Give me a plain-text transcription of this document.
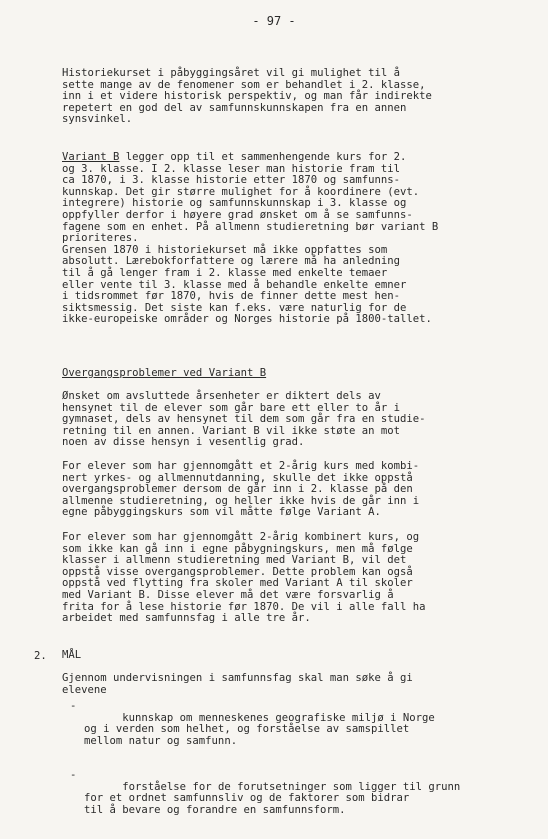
- 97 -

Historiekurset i påbyggingsåret vil gi mulighet til å
sette mange av de fenomener som er behandlet i 2. klasse,
inn i et videre historisk perspektiv, og man får indirekte
repetert en god del av samfunnskunnskapen fra en annen
synsvinkel.

Variant B legger opp til et sammenhengende kurs for 2.
og 3. klasse. I 2. klasse leser man historie fram til
ca 1870, i 3. klasse historie etter 1870 og samfunns-
kunnskap. Det gir større mulighet for å koordinere (evt.
integrere) historie og samfunnskunnskap i 3. klasse og
oppfyller derfor i høyere grad ønsket om å se samfunns-
fagene som en enhet. På allmenn studieretning bør variant B
prioriteres.
Grensen 1870 i historiekurset må ikke oppfattes som
absolutt. Lærebokforfattere og lærere må ha anledning
til å gå lenger fram i 2. klasse med enkelte temaer
eller vente til 3. klasse med å behandle enkelte emner
i tidsrommet før 1870, hvis de finner dette mest hen-
siktsmessig. Det siste kan f.eks. være naturlig for de
ikke-europeiske områder og Norges historie på 1800-tallet.

Overgangsproblemer ved Variant B

Ønsket om avsluttede årsenheter er diktert dels av
hensynet til de elever som går bare ett eller to år i
gymnaset, dels av hensynet til dem som går fra en studie-
retning til en annen. Variant B vil ikke støte an mot
noen av disse hensyn i vesentlig grad.

For elever som har gjennomgått et 2-årig kurs med kombi-
nert yrkes- og allmennutdanning, skulle det ikke oppstå
overgangsproblemer dersom de går inn i 2. klasse på den
allmenne studieretning, og heller ikke hvis de går inn i
egne påbyggingskurs som vil måtte følge Variant A.

For elever som har gjennomgått 2-årig kombinert kurs, og
som ikke kan gå inn i egne påbygningskurs, men må følge
klasser i allmenn studieretning med Variant B, vil det
oppstå visse overgangsproblemer. Dette problem kan også
oppstå ved flytting fra skoler med Variant A til skoler
med Variant B. Disse elever må det være forsvarlig å
frita for å lese historie før 1870. De vil i alle fall ha
arbeidet med samfunnsfag i alle tre år.

2. MÅL

Gjennom undervisningen i samfunnsfag skal man søke å gi
elevene

-
kunnskap om menneskenes geografiske miljø i Norge
og i verden som helhet, og forståelse av samspillet
mellom natur og samfunn.

-
forståelse for de forutsetninger som ligger til grunn
for et ordnet samfunnsliv og de faktorer som bidrar
til å bevare og forandre en samfunnsform.
